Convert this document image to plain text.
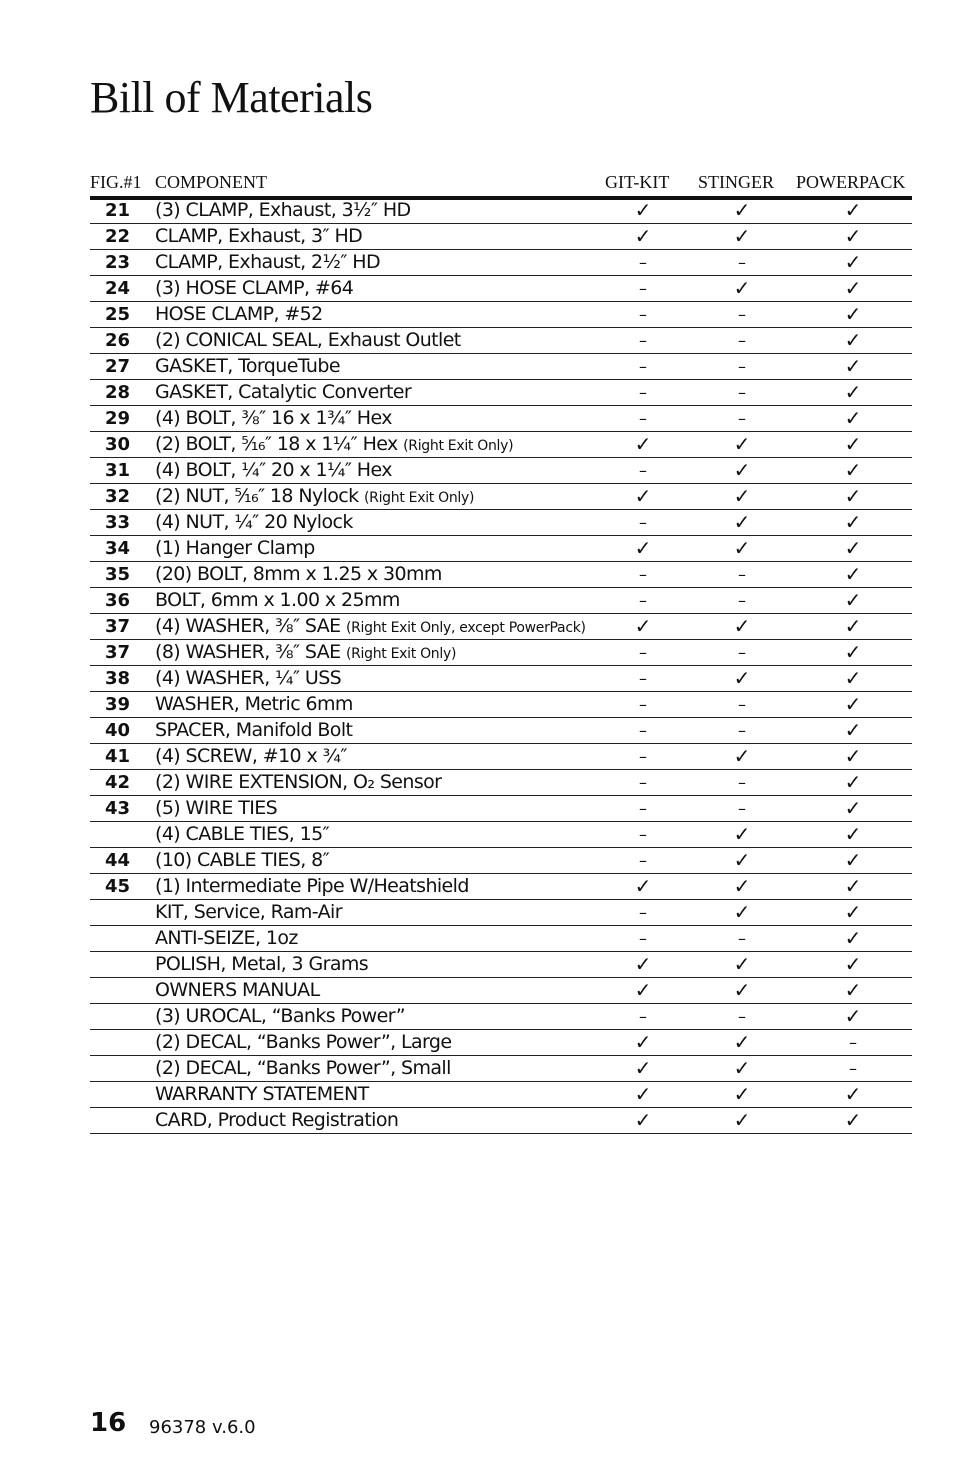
Bill of Materials
FIG.#1 COMPONENT	GIT-KIT STINGER POWERPACK
21 (3) CLAMP, Exhaust, 3½″ HD	✓	✓	✓
22 CLAMP, Exhaust, 3″ HD	✓	✓	✓
23 CLAMP, Exhaust, 2½″ HD	–	–	✓
24 (3) HOSE CLAMP, #64	–	✓	✓
25 HOSE CLAMP, #52	–	–	✓
26 (2) CONICAL SEAL, Exhaust Outlet	–	–	✓
27 GASKET, TorqueTube	–	–	✓
28 GASKET, Catalytic Converter	–	–	✓
29 (4) BOLT, ⅜″ 16 x 1¾″ Hex	–	–	✓
30 (2) BOLT, ⁵⁄₁₆″ 18 x 1¼″ Hex (Right Exit Only)	✓	✓	✓
31 (4) BOLT, ¼″ 20 x 1¼″ Hex	–	✓	✓
32 (2) NUT, ⁵⁄₁₆″ 18 Nylock (Right Exit Only)	✓	✓	✓
33 (4) NUT, ¼″ 20 Nylock	–	✓	✓
34 (1) Hanger Clamp	✓	✓	✓
35 (20) BOLT, 8mm x 1.25 x 30mm	–	–	✓
36 BOLT, 6mm x 1.00 x 25mm	–	–	✓
37 (4) WASHER, ⅜″ SAE (Right Exit Only, except PowerPack)	✓	✓	✓
37 (8) WASHER, ⅜″ SAE (Right Exit Only)	–	–	✓
38 (4) WASHER, ¼″ USS	–	✓	✓
39 WASHER, Metric 6mm	–	–	✓
40 SPACER, Manifold Bolt	–	–	✓
41 (4) SCREW, #10 x ¾″	–	✓	✓
42 (2) WIRE EXTENSION, O₂ Sensor	–	–	✓
43 (5) WIRE TIES	–	–	✓
(4) CABLE TIES, 15″	–	✓	✓
44 (10) CABLE TIES, 8″	–	✓	✓
45 (1) Intermediate Pipe W/Heatshield	✓	✓	✓
KIT, Service, Ram-Air	–	✓	✓
ANTI-SEIZE, 1oz	–	–	✓
POLISH, Metal, 3 Grams	✓	✓	✓
OWNERS MANUAL	✓	✓	✓
(3) UROCAL, “Banks Power”	–	–	✓
(2) DECAL, “Banks Power”, Large	✓	✓	–
(2) DECAL, “Banks Power”, Small	✓	✓	–
WARRANTY STATEMENT	✓	✓	✓
CARD, Product Registration	✓	✓	✓
16 96378 v.6.0
